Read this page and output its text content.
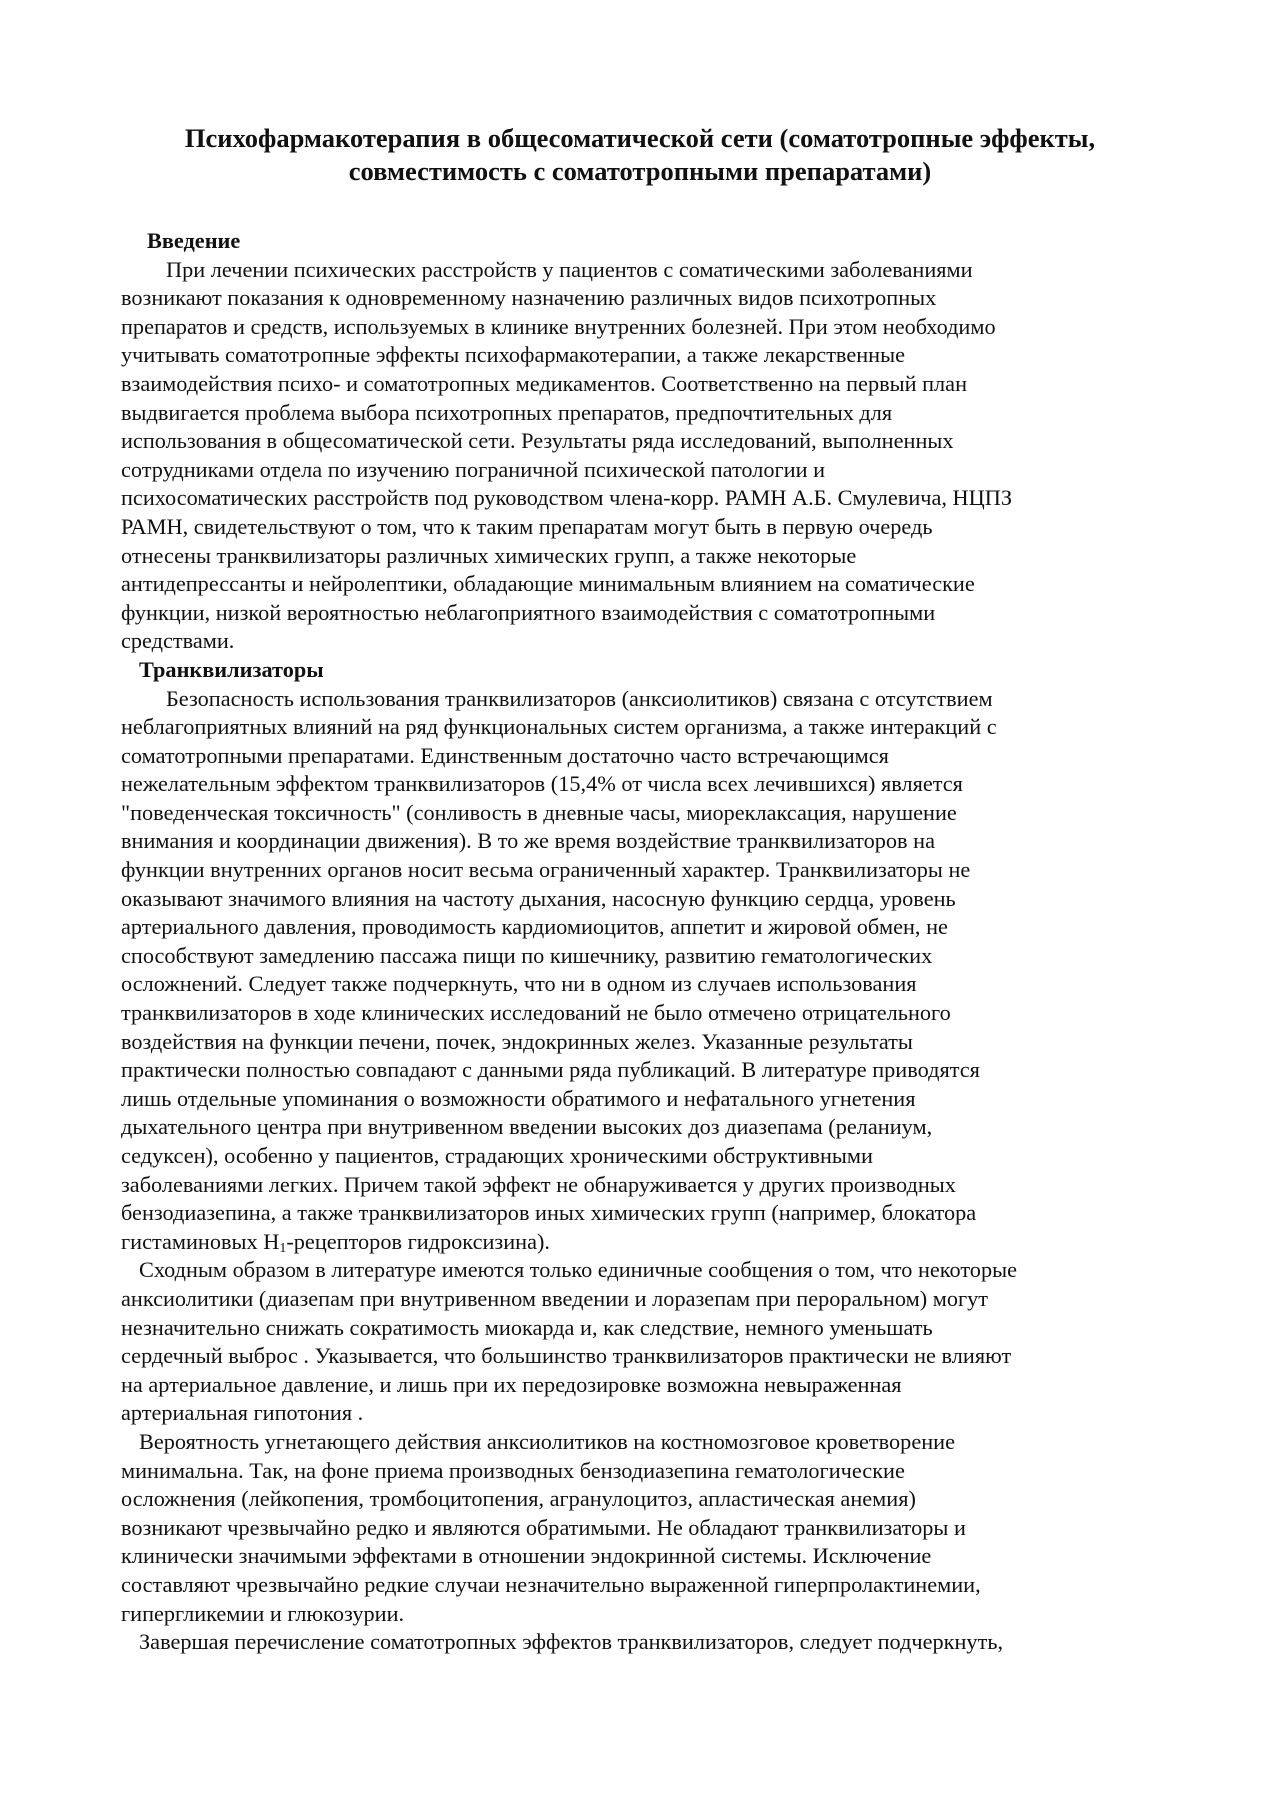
Психофармакотерапия в общесоматической сети (соматотропные эффекты,
совместимость с соматотропными препаратами)
Введение
При лечении психических расстройств у пациентов с соматическими заболеваниями
возникают показания к одновременному назначению различных видов психотропных
препаратов и средств, используемых в клинике внутренних болезней. При этом необходимо
учитывать соматотропные эффекты психофармакотерапии, а также лекарственные
взаимодействия психо- и соматотропных медикаментов. Соответственно на первый план
выдвигается проблема выбора психотропных препаратов, предпочтительных для
использования в общесоматической сети. Результаты ряда исследований, выполненных
сотрудниками отдела по изучению пограничной психической патологии и
психосоматических расстройств под руководством члена-корр. РАМН А.Б. Смулевича, НЦПЗ
РАМН, свидетельствуют о том, что к таким препаратам могут быть в первую очередь
отнесены транквилизаторы различных химических групп, а также некоторые
антидепрессанты и нейролептики, обладающие минимальным влиянием на соматические
функции, низкой вероятностью неблагоприятного взаимодействия с соматотропными
средствами.
Транквилизаторы
Безопасность использования транквилизаторов (анксиолитиков) связана с отсутствием
неблагоприятных влияний на ряд функциональных систем организма, а также интеракций с
соматотропными препаратами. Единственным достаточно часто встречающимся
нежелательным эффектом транквилизаторов (15,4% от числа всех лечившихся) является
"поведенческая токсичность" (сонливость в дневные часы, миореклаксация, нарушение
внимания и координации движения). В то же время воздействие транквилизаторов на
функции внутренних органов носит весьма ограниченный характер. Транквилизаторы не
оказывают значимого влияния на частоту дыхания, насосную функцию сердца, уровень
артериального давления, проводимость кардиомиоцитов, аппетит и жировой обмен, не
способствуют замедлению пассажа пищи по кишечнику, развитию гематологических
осложнений. Следует также подчеркнуть, что ни в одном из случаев использования
транквилизаторов в ходе клинических исследований не было отмечено отрицательного
воздействия на функции печени, почек, эндокринных желез. Указанные результаты
практически полностью совпадают с данными ряда публикаций. В литературе приводятся
лишь отдельные упоминания о возможности обратимого и нефатального угнетения
дыхательного центра при внутривенном введении высоких доз диазепама (реланиум,
седуксен), особенно у пациентов, страдающих хроническими обструктивными
заболеваниями легких. Причем такой эффект не обнаруживается у других производных
бензодиазепина, а также транквилизаторов иных химических групп (например, блокатора
гистаминовых $H_1$-рецепторов гидроксизина).
Сходным образом в литературе имеются только единичные сообщения о том, что некоторые
анксиолитики (диазепам при внутривенном введении и лоразепам при пероральном) могут
незначительно снижать сократимость миокарда и, как следствие, немного уменьшать
сердечный выброс . Указывается, что большинство транквилизаторов практически не влияют
на артериальное давление, и лишь при их передозировке возможна невыраженная
артериальная гипотония .
Вероятность угнетающего действия анксиолитиков на костномозговое кроветворение
минимальна. Так, на фоне приема производных бензодиазепина гематологические
осложнения (лейкопения, тромбоцитопения, агранулоцитоз, апластическая анемия)
возникают чрезвычайно редко и являются обратимыми. Не обладают транквилизаторы и
клинически значимыми эффектами в отношении эндокринной системы. Исключение
составляют чрезвычайно редкие случаи незначительно выраженной гиперпролактинемии,
гипергликемии и глюкозурии.
Завершая перечисление соматотропных эффектов транквилизаторов, следует подчеркнуть,
